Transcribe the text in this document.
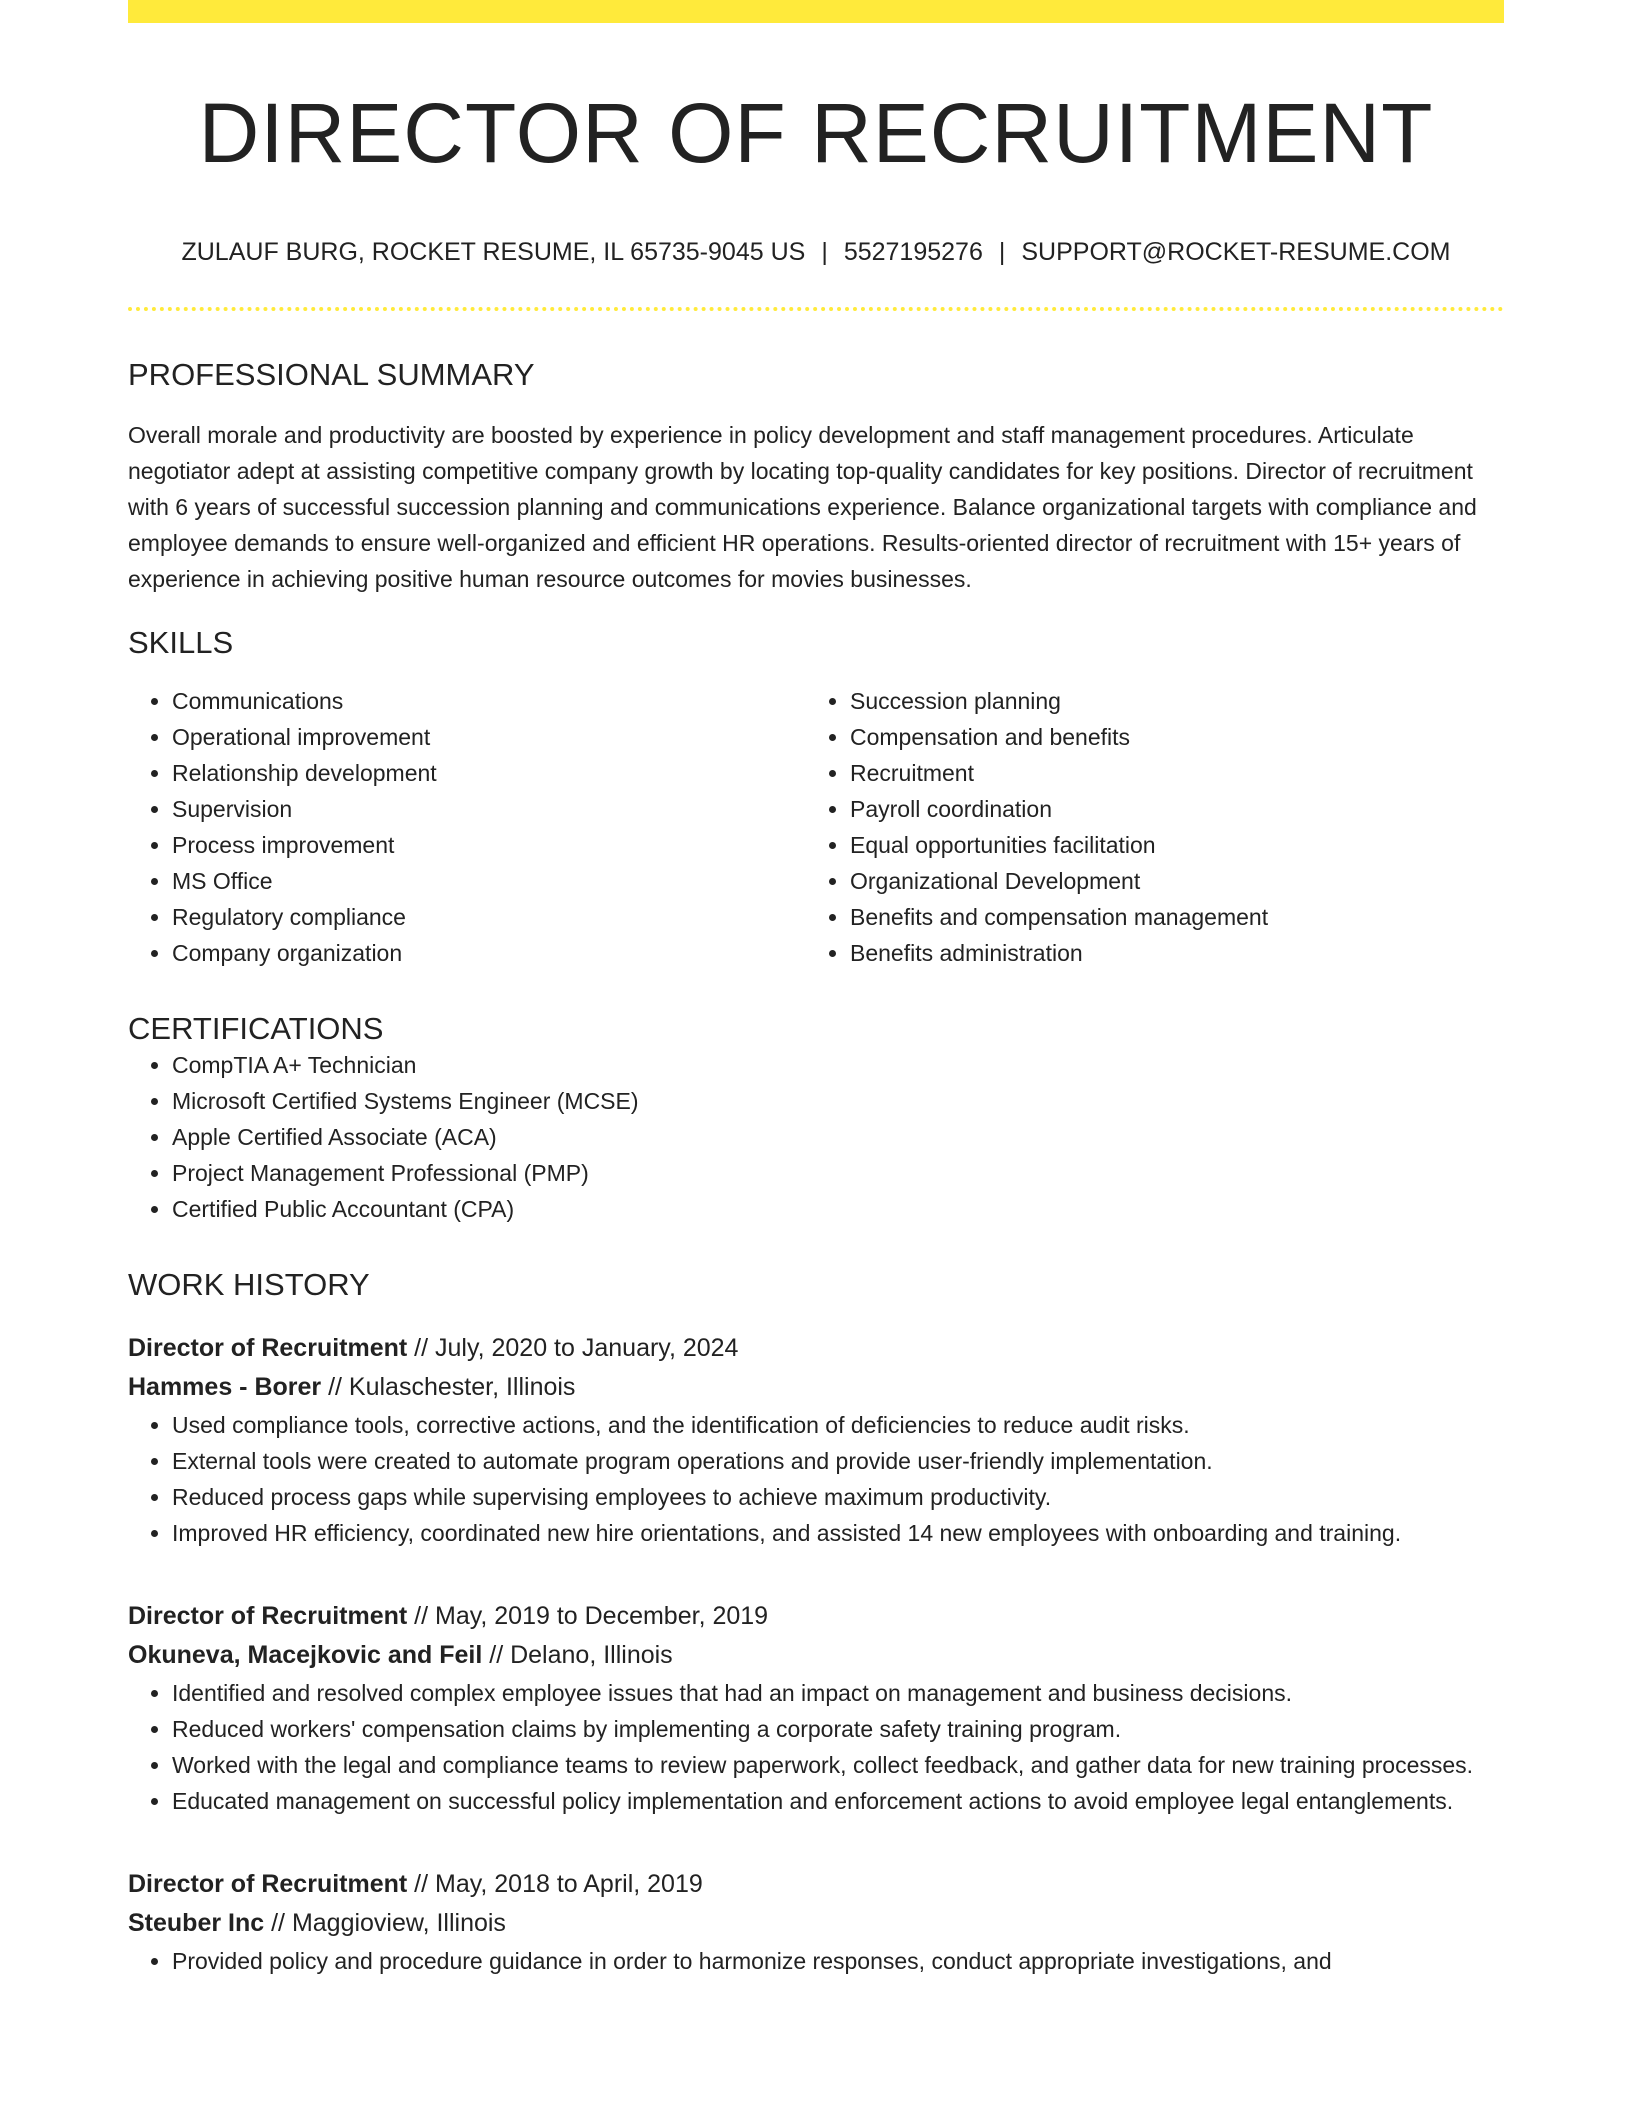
DIRECTOR OF RECRUITMENT
ZULAUF BURG, ROCKET RESUME, IL 65735-9045 US | 5527195276 | SUPPORT@ROCKET-RESUME.COM
PROFESSIONAL SUMMARY
Overall morale and productivity are boosted by experience in policy development and staff management procedures. Articulate negotiator adept at assisting competitive company growth by locating top-quality candidates for key positions. Director of recruitment with 6 years of successful succession planning and communications experience. Balance organizational targets with compliance and employee demands to ensure well-organized and efficient HR operations. Results-oriented director of recruitment with 15+ years of experience in achieving positive human resource outcomes for movies businesses.
SKILLS
• Communications
• Operational improvement
• Relationship development
• Supervision
• Process improvement
• MS Office
• Regulatory compliance
• Company organization
• Succession planning
• Compensation and benefits
• Recruitment
• Payroll coordination
• Equal opportunities facilitation
• Organizational Development
• Benefits and compensation management
• Benefits administration
CERTIFICATIONS
• CompTIA A+ Technician
• Microsoft Certified Systems Engineer (MCSE)
• Apple Certified Associate (ACA)
• Project Management Professional (PMP)
• Certified Public Accountant (CPA)
WORK HISTORY
Director of Recruitment // July, 2020 to January, 2024
Hammes - Borer // Kulaschester, Illinois
• Used compliance tools, corrective actions, and the identification of deficiencies to reduce audit risks.
• External tools were created to automate program operations and provide user-friendly implementation.
• Reduced process gaps while supervising employees to achieve maximum productivity.
• Improved HR efficiency, coordinated new hire orientations, and assisted 14 new employees with onboarding and training.
Director of Recruitment // May, 2019 to December, 2019
Okuneva, Macejkovic and Feil // Delano, Illinois
• Identified and resolved complex employee issues that had an impact on management and business decisions.
• Reduced workers' compensation claims by implementing a corporate safety training program.
• Worked with the legal and compliance teams to review paperwork, collect feedback, and gather data for new training processes.
• Educated management on successful policy implementation and enforcement actions to avoid employee legal entanglements.
Director of Recruitment // May, 2018 to April, 2019
Steuber Inc // Maggioview, Illinois
• Provided policy and procedure guidance in order to harmonize responses, conduct appropriate investigations, and
